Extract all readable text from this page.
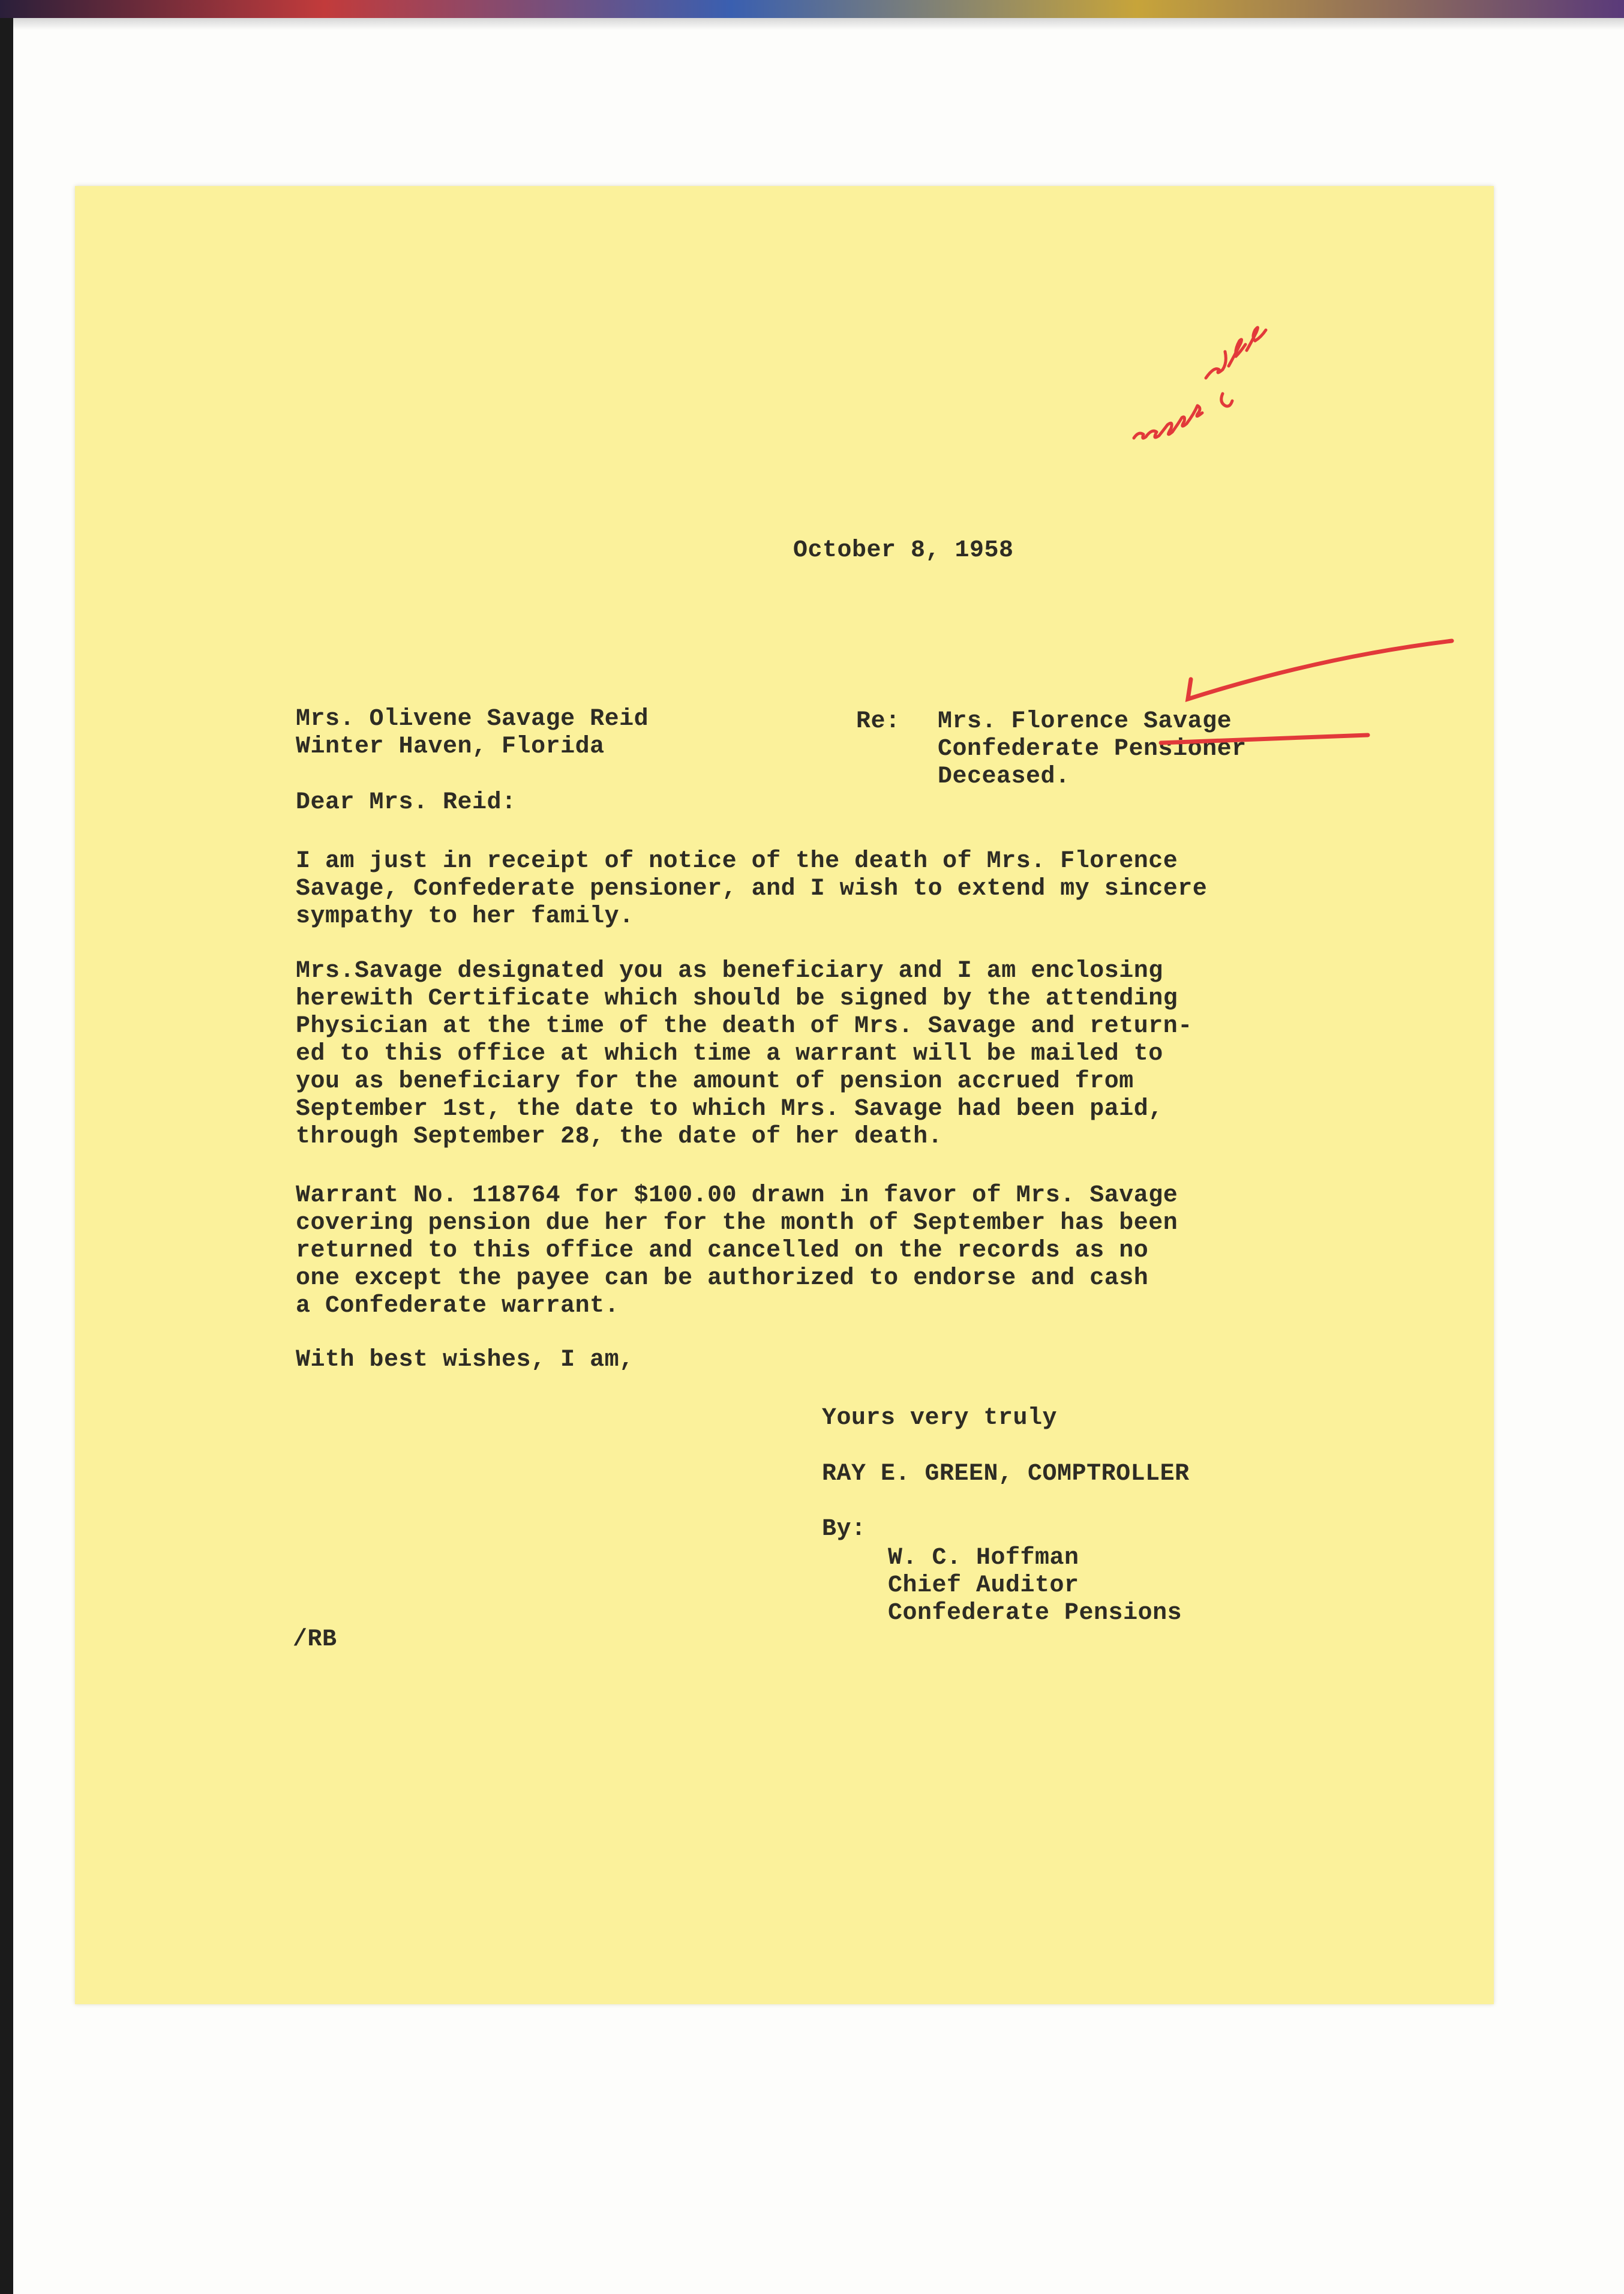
October 8, 1958
Mrs. Olivene Savage Reid
Winter Haven, Florida
Re: Mrs. Florence Savage
Confederate Pensioner
Deceased.
Dear Mrs. Reid:
I am just in receipt of notice of the death of Mrs. Florence
Savage, Confederate pensioner, and I wish to extend my sincere
sympathy to her family.
Mrs.Savage designated you as beneficiary and I am enclosing
herewith Certificate which should be signed by the attending
Physician at the time of the death of Mrs. Savage and return-
ed to this office at which time a warrant will be mailed to
you as beneficiary for the amount of pension accrued from
September 1st, the date to which Mrs. Savage had been paid,
through September 28, the date of her death.
Warrant No. 118764 for $100.00 drawn in favor of Mrs. Savage
covering pension due her for the month of September has been
returned to this office and cancelled on the records as no
one except the payee can be authorized to endorse and cash
a Confederate warrant.
With best wishes, I am,
Yours very truly
RAY E. GREEN, COMPTROLLER
By:
W. C. Hoffman
Chief Auditor
Confederate Pensions
/RB
